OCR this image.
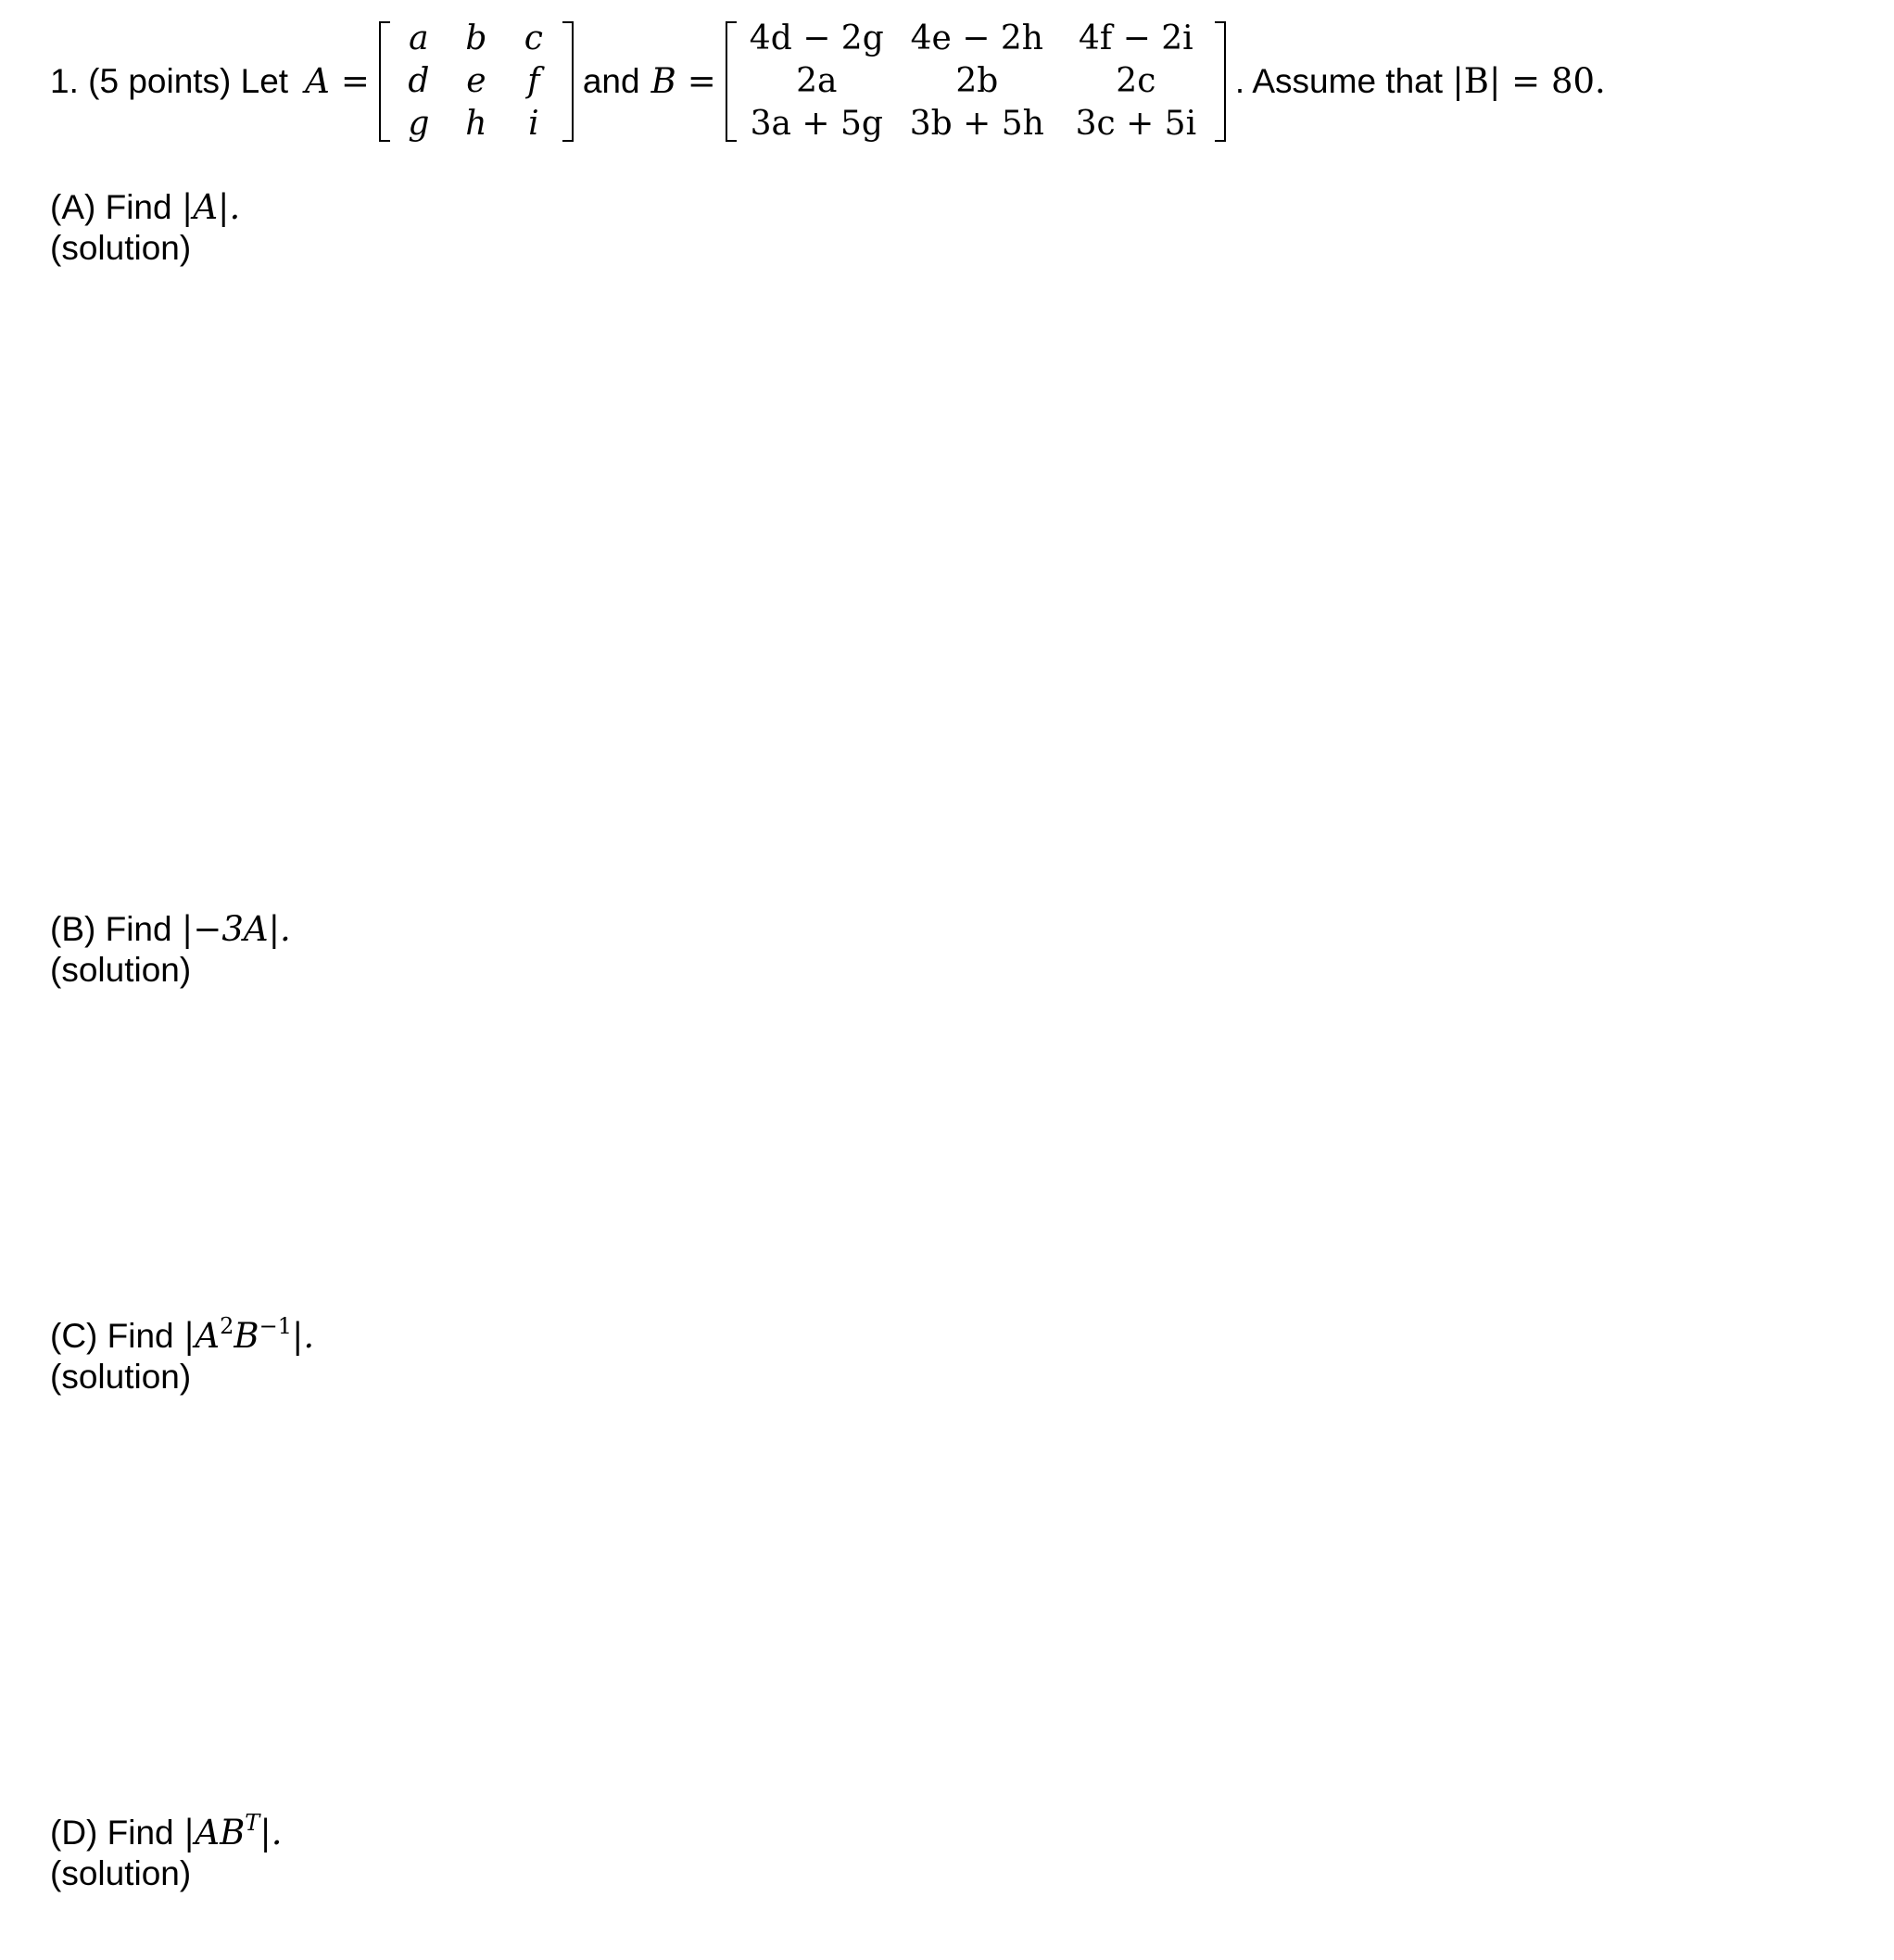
1. (5 points) Let A =
a	b	c
d	e	f
g	h	i
and B =
4d − 2g	4e − 2h	4f − 2i
2a	2b	2c
3a + 5g	3b + 5h	3c + 5i
. Assume that |B| = 80.
(A) Find |A|.
(solution)
(B) Find |−3A|.
(solution)
(C) Find $|A^2B^{-1}|$.
(solution)
(D) Find $|AB^T|$.
(solution)
